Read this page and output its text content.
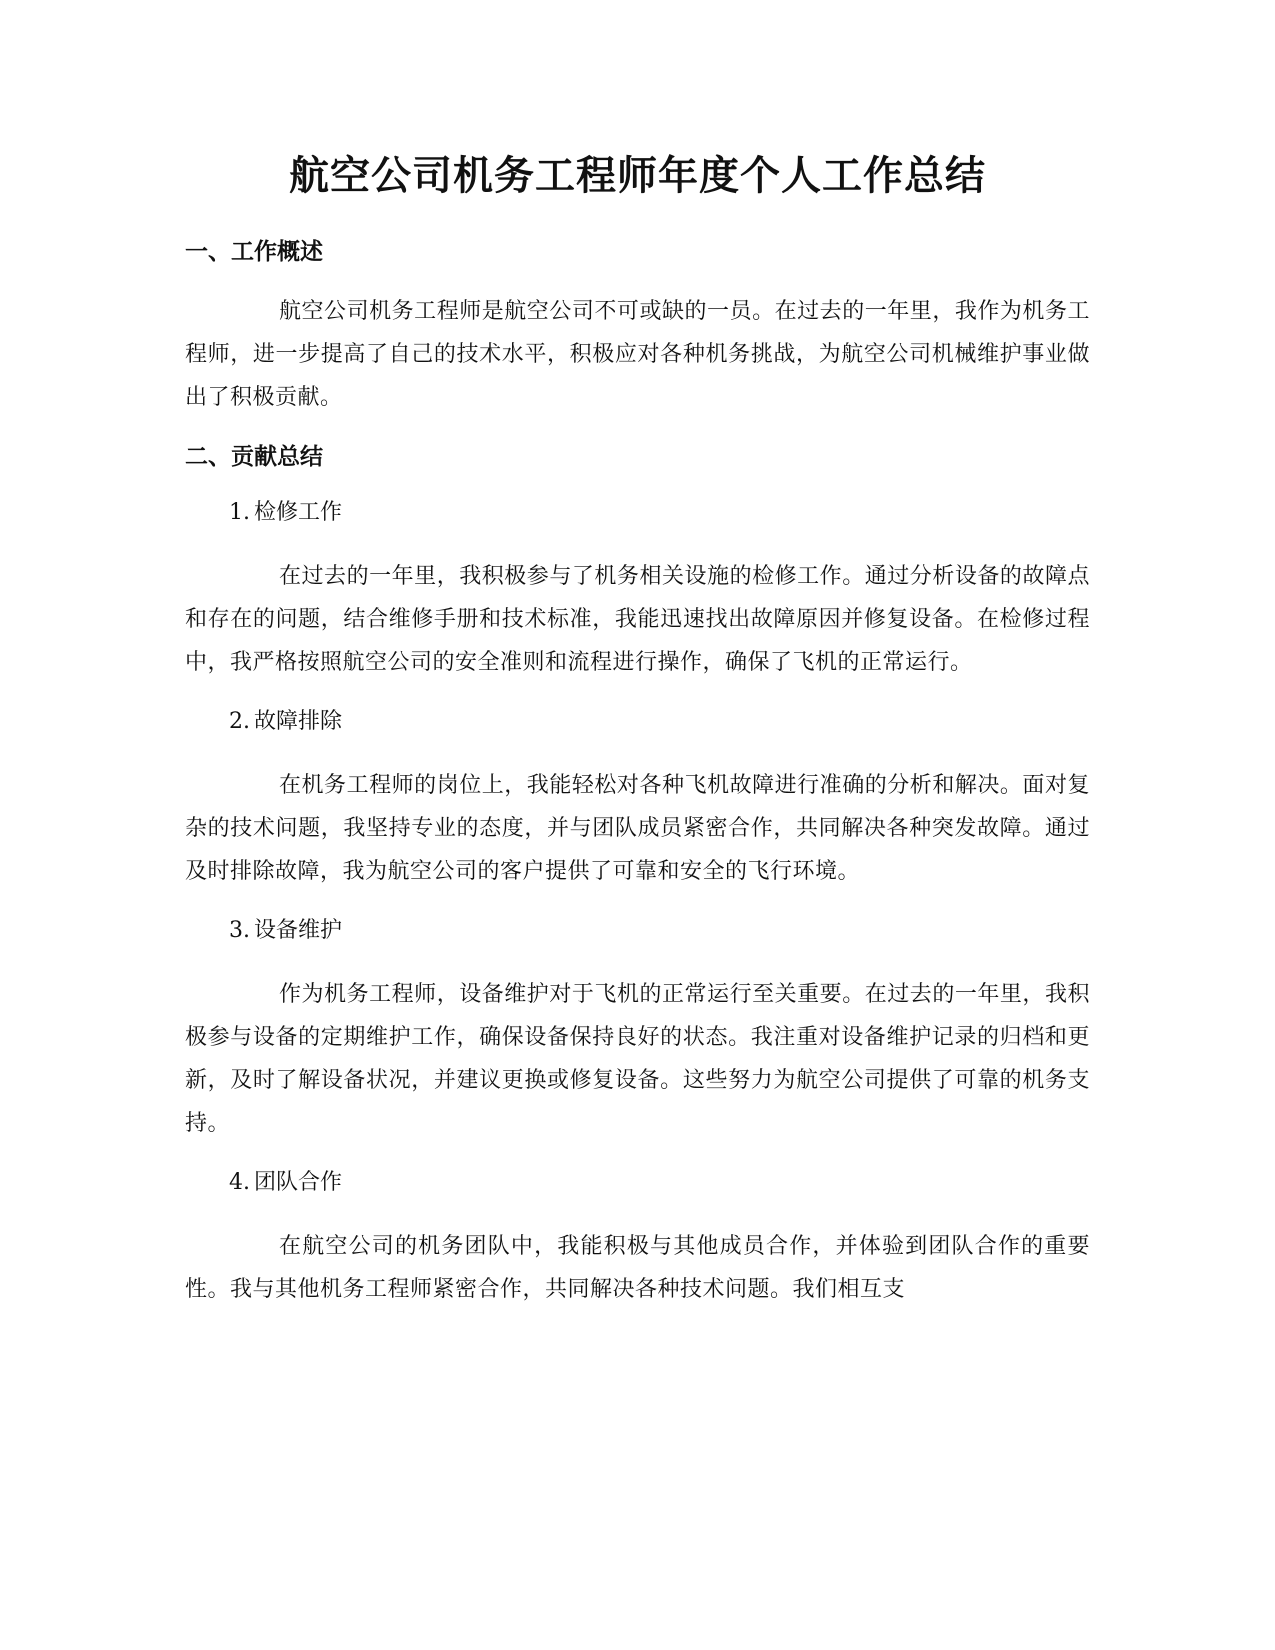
航空公司机务工程师年度个人工作总结
一、工作概述

航空公司机务工程师是航空公司不可或缺的一员。在过去的一年里，我作为机务工程师，进一步提高了自己的技术水平，积极应对各种机务挑战，为航空公司机械维护事业做出了积极贡献。

二、贡献总结
1. 检修工作

在过去的一年里，我积极参与了机务相关设施的检修工作。通过分析设备的故障点和存在的问题，结合维修手册和技术标准，我能迅速找出故障原因并修复设备。在检修过程中，我严格按照航空公司的安全准则和流程进行操作，确保了飞机的正常运行。

2. 故障排除

在机务工程师的岗位上，我能轻松对各种飞机故障进行准确的分析和解决。面对复杂的技术问题，我坚持专业的态度，并与团队成员紧密合作，共同解决各种突发故障。通过及时排除故障，我为航空公司的客户提供了可靠和安全的飞行环境。

3. 设备维护

作为机务工程师，设备维护对于飞机的正常运行至关重要。在过去的一年里，我积极参与设备的定期维护工作，确保设备保持良好的状态。我注重对设备维护记录的归档和更新，及时了解设备状况，并建议更换或修复设备。这些努力为航空公司提供了可靠的机务支持。

4. 团队合作

在航空公司的机务团队中，我能积极与其他成员合作，并体验到团队合作的重要性。我与其他机务工程师紧密合作，共同解决各种技术问题。我们相互支
